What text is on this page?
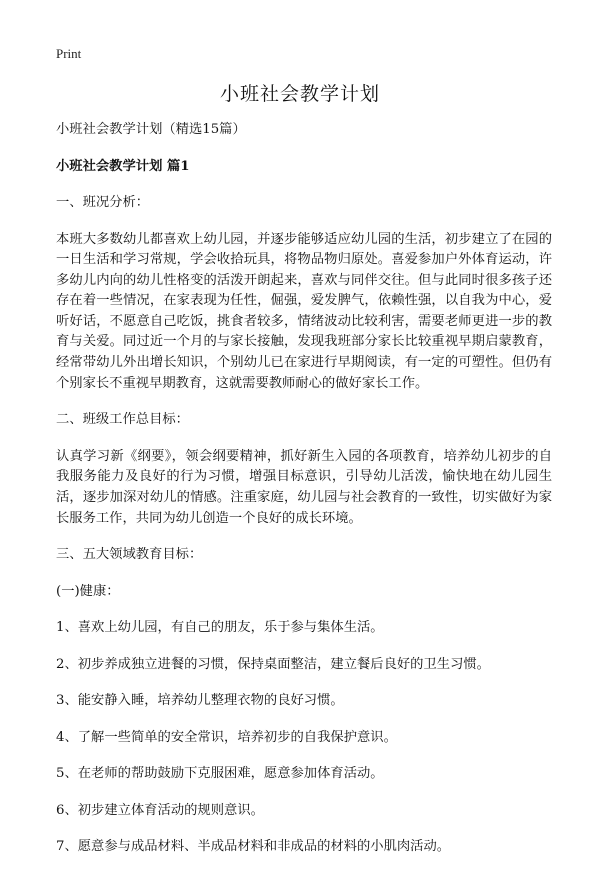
Print
小班社会教学计划

小班社会教学计划（精选15篇）

小班社会教学计划 篇1

一、班况分析：

本班大多数幼儿都喜欢上幼儿园，并逐步能够适应幼儿园的生活，初步建立了在园的一日生活和学习常规，学会收拾玩具，将物品物归原处。喜爱参加户外体育运动，许多幼儿内向的幼儿性格变的活泼开朗起来，喜欢与同伴交往。但与此同时很多孩子还存在着一些情况，在家表现为任性，倔强，爱发脾气，依赖性强，以自我为中心，爱听好话，不愿意自己吃饭，挑食者较多，情绪波动比较利害，需要老师更进一步的教育与关爱。同过近一个月的与家长接触，发现我班部分家长比较重视早期启蒙教育，经常带幼儿外出增长知识，个别幼儿已在家进行早期阅读，有一定的可塑性。但仍有个别家长不重视早期教育，这就需要教师耐心的做好家长工作。

二、班级工作总目标：

认真学习新《纲要》，领会纲要精神，抓好新生入园的各项教育，培养幼儿初步的自我服务能力及良好的行为习惯，增强目标意识，引导幼儿活泼，愉快地在幼儿园生活，逐步加深对幼儿的情感。注重家庭，幼儿园与社会教育的一致性，切实做好为家长服务工作，共同为幼儿创造一个良好的成长环境。

三、五大领域教育目标：

(一)健康：

1、喜欢上幼儿园，有自己的朋友，乐于参与集体生活。

2、初步养成独立进餐的习惯，保持桌面整洁，建立餐后良好的卫生习惯。

3、能安静入睡，培养幼儿整理衣物的良好习惯。

4、了解一些简单的安全常识，培养初步的自我保护意识。

5、在老师的帮助鼓励下克服困难，愿意参加体育活动。

6、初步建立体育活动的规则意识。

7、愿意参与成品材料、半成品材料和非成品的材料的小肌肉活动。
